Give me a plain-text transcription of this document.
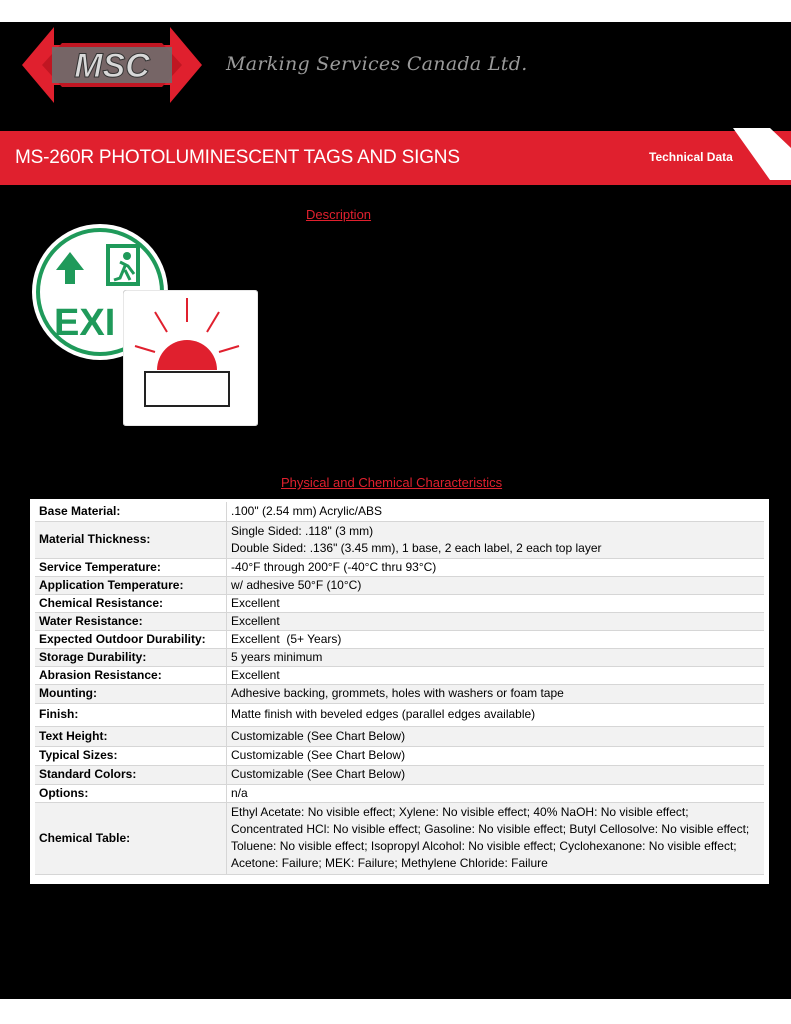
MSC	Marking Services Canada Ltd.
MS-260R PHOTOLUMINESCENT TAGS AND SIGNS	Technical Data
Description
EXI
Physical and Chemical Characteristics
Base Material:	.100" (2.54 mm) Acrylic/ABS
Material Thickness:	Single Sided: .118" (3 mm)
Double Sided: .136" (3.45 mm), 1 base, 2 each label, 2 each top layer

Service Temperature:	-40°F through 200°F (-40°C thru 93°C)
Application Temperature:	w/ adhesive 50°F (10°C)
Chemical Resistance:	Excellent
Water Resistance:	Excellent
Expected Outdoor Durability:	Excellent  (5+ Years)
Storage Durability:	5 years minimum
Abrasion Resistance:	Excellent
Mounting:	Adhesive backing, grommets, holes with washers or foam tape
Finish:	Matte finish with beveled edges (parallel edges available)
Text Height:	Customizable (See Chart Below)
Typical Sizes:	Customizable (See Chart Below)
Standard Colors:	Customizable (See Chart Below)
Options:	n/a
Chemical Table:	Ethyl Acetate: No visible effect; Xylene: No visible effect; 40% NaOH: No visible effect; Concentrated HCl: No visible effect; Gasoline: No visible effect; Butyl Cellosolve: No visible effect; Toluene: No visible effect; Isopropyl Alcohol: No visible effect; Cyclohexanone: No visible effect; Acetone: Failure; MEK: Failure; Methylene Chloride: Failure
